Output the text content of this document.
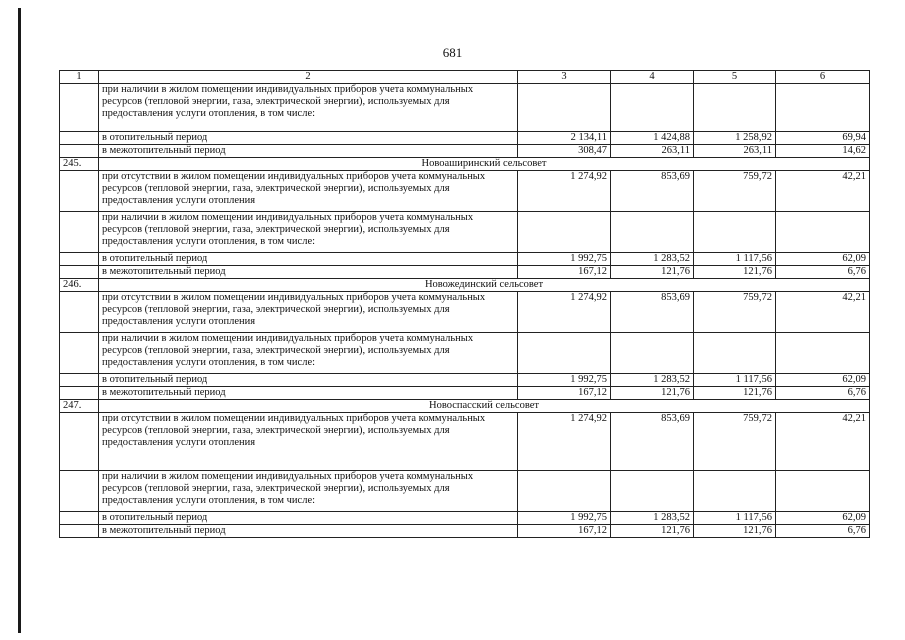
681
1	2	3	4	5	6
	при наличии в жилом помещении индивидуальных приборов учета коммунальных ресурсов (тепловой энергии, газа, электрической энергии), используемых для предоставления услуги отопления, в том числе:				
	в отопительный период	2 134,11	1 424,88	1 258,92	69,94
	в межотопительный период	308,47	263,11	263,11	14,62
245.	Новоаширинский сельсовет				
	при отсутствии в жилом помещении индивидуальных приборов учета коммунальных ресурсов (тепловой энергии, газа, электрической энергии), используемых для предоставления услуги отопления	1 274,92	853,69	759,72	42,21
	при наличии в жилом помещении индивидуальных приборов учета коммунальных ресурсов (тепловой энергии, газа, электрической энергии), используемых для предоставления услуги отопления, в том числе:				
	в отопительный период	1 992,75	1 283,52	1 117,56	62,09
	в межотопительный период	167,12	121,76	121,76	6,76
246.	Новожединский сельсовет				
	при отсутствии в жилом помещении индивидуальных приборов учета коммунальных ресурсов (тепловой энергии, газа, электрической энергии), используемых для предоставления услуги отопления	1 274,92	853,69	759,72	42,21
	при наличии в жилом помещении индивидуальных приборов учета коммунальных ресурсов (тепловой энергии, газа, электрической энергии), используемых для предоставления услуги отопления, в том числе:				
	в отопительный период	1 992,75	1 283,52	1 117,56	62,09
	в межотопительный период	167,12	121,76	121,76	6,76
247.	Новоспасский сельсовет				
	при отсутствии в жилом помещении индивидуальных приборов учета коммунальных ресурсов (тепловой энергии, газа, электрической энергии), используемых для предоставления услуги отопления	1 274,92	853,69	759,72	42,21
	при наличии в жилом помещении индивидуальных приборов учета коммунальных ресурсов (тепловой энергии, газа, электрической энергии), используемых для предоставления услуги отопления, в том числе:				
	в отопительный период	1 992,75	1 283,52	1 117,56	62,09
	в межотопительный период	167,12	121,76	121,76	6,76
